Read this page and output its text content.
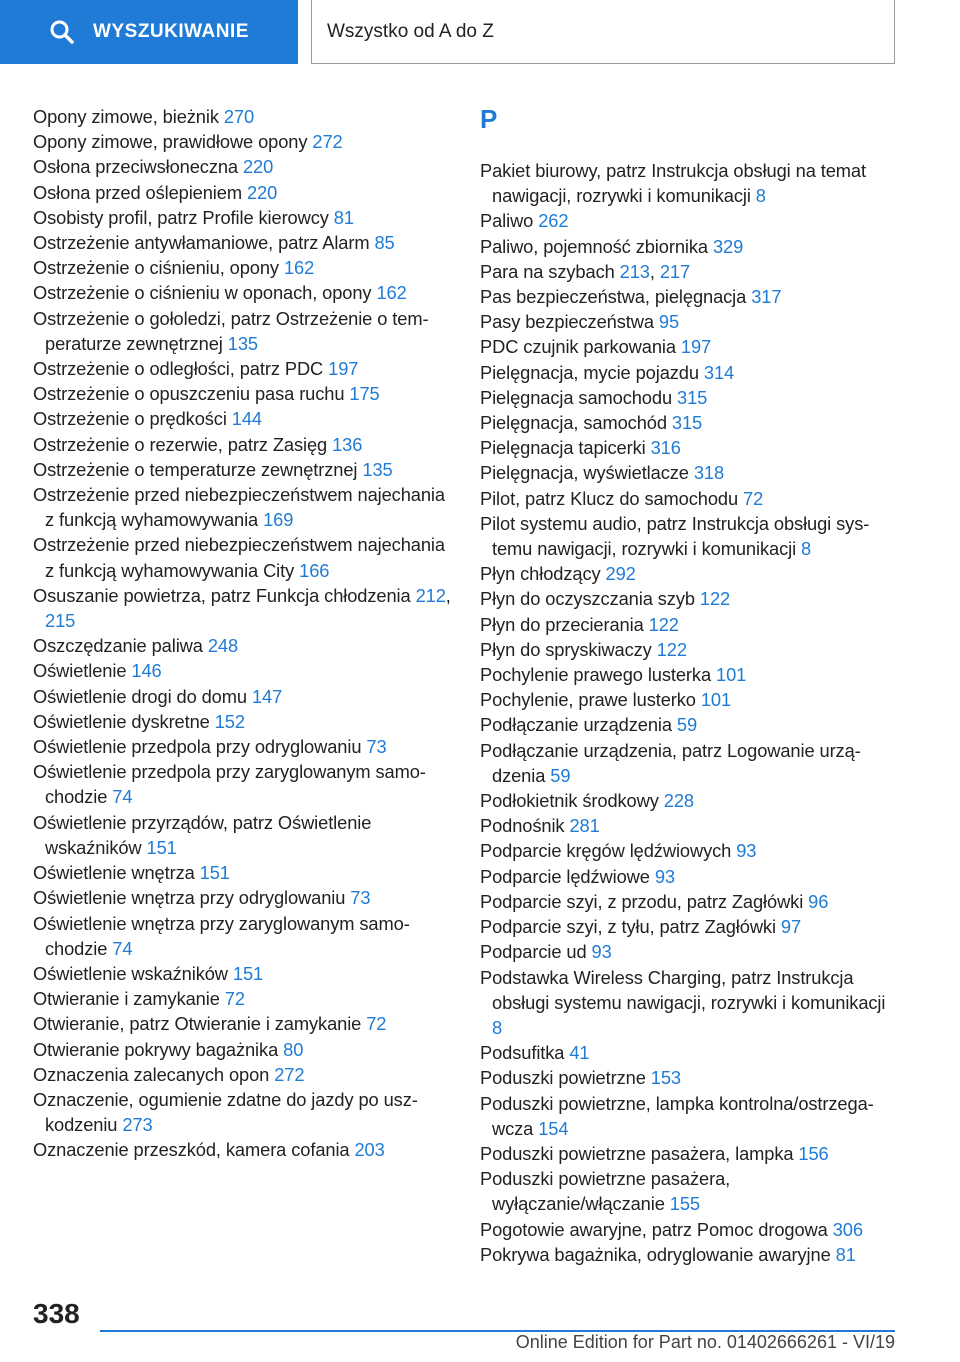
WYSZUKIWANIE	Wszystko od A do Z
Opony zimowe, bieżnik 270
Opony zimowe, prawidłowe opony 272
Osłona przeciwsłoneczna 220
Osłona przed oślepieniem 220
Osobisty profil, patrz Profile kierowcy 81
Ostrzeżenie antywłamaniowe, patrz Alarm 85
Ostrzeżenie o ciśnieniu, opony 162
Ostrzeżenie o ciśnieniu w oponach, opony 162
Ostrzeżenie o gołoledzi, patrz Ostrzeżenie o temperaturze zewnętrznej 135
Ostrzeżenie o odległości, patrz PDC 197
Ostrzeżenie o opuszczeniu pasa ruchu 175
Ostrzeżenie o prędkości 144
Ostrzeżenie o rezerwie, patrz Zasięg 136
Ostrzeżenie o temperaturze zewnętrznej 135
Ostrzeżenie przed niebezpieczeństwem najechania z funkcją wyhamowywania 169
Ostrzeżenie przed niebezpieczeństwem najechania z funkcją wyhamowywania City 166
Osuszanie powietrza, patrz Funkcja chłodzenia 212, 215
Oszczędzanie paliwa 248
Oświetlenie 146
Oświetlenie drogi do domu 147
Oświetlenie dyskretne 152
Oświetlenie przedpola przy odryglowaniu 73
Oświetlenie przedpola przy zaryglowanym samochodzie 74
Oświetlenie przyrządów, patrz Oświetlenie wskaźników 151
Oświetlenie wnętrza 151
Oświetlenie wnętrza przy odryglowaniu 73
Oświetlenie wnętrza przy zaryglowanym samochodzie 74
Oświetlenie wskaźników 151
Otwieranie i zamykanie 72
Otwieranie, patrz Otwieranie i zamykanie 72
Otwieranie pokrywy bagażnika 80
Oznaczenia zalecanych opon 272
Oznaczenie, ogumienie zdatne do jazdy po uszkodzeniu 273
Oznaczenie przeszkód, kamera cofania 203
P
Pakiet biurowy, patrz Instrukcja obsługi na temat nawigacji, rozrywki i komunikacji 8
Paliwo 262
Paliwo, pojemność zbiornika 329
Para na szybach 213, 217
Pas bezpieczeństwa, pielęgnacja 317
Pasy bezpieczeństwa 95
PDC czujnik parkowania 197
Pielęgnacja, mycie pojazdu 314
Pielęgnacja samochodu 315
Pielęgnacja, samochód 315
Pielęgnacja tapicerki 316
Pielęgnacja, wyświetlacze 318
Pilot, patrz Klucz do samochodu 72
Pilot systemu audio, patrz Instrukcja obsługi systemu nawigacji, rozrywki i komunikacji 8
Płyn chłodzący 292
Płyn do oczyszczania szyb 122
Płyn do przecierania 122
Płyn do spryskiwaczy 122
Pochylenie prawego lusterka 101
Pochylenie, prawe lusterko 101
Podłączanie urządzenia 59
Podłączanie urządzenia, patrz Logowanie urządzenia 59
Podłokietnik środkowy 228
Podnośnik 281
Podparcie kręgów lędźwiowych 93
Podparcie lędźwiowe 93
Podparcie szyi, z przodu, patrz Zagłówki 96
Podparcie szyi, z tyłu, patrz Zagłówki 97
Podparcie ud 93
Podstawka Wireless Charging, patrz Instrukcja obsługi systemu nawigacji, rozrywki i komunikacji 8
Podsufitka 41
Poduszki powietrzne 153
Poduszki powietrzne, lampka kontrolna/ostrzegawcza 154
Poduszki powietrzne pasażera, lampka 156
Poduszki powietrzne pasażera, wyłączanie/włączanie 155
Pogotowie awaryjne, patrz Pomoc drogowa 306
Pokrywa bagażnika, odryglowanie awaryjne 81
338
Online Edition for Part no. 01402666261 - VI/19
